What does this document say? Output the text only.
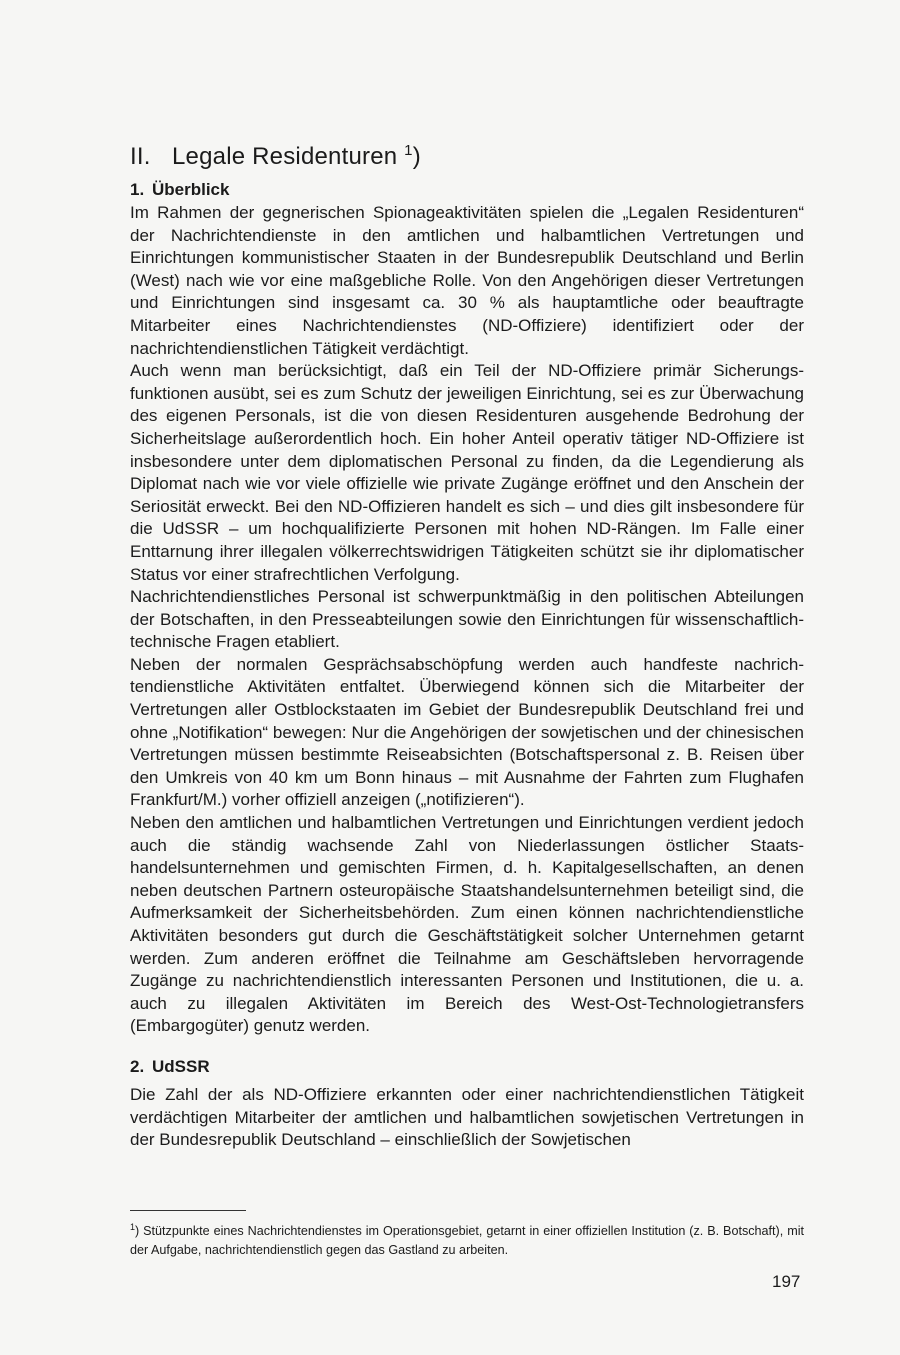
II. Legale Residenturen $^1$)
1. Überblick

Im Rahmen der gegnerischen Spionageaktivitäten spielen die „Legalen Residenturen“ der Nachrichtendienste in den amtlichen und halbamtlichen Vertretungen und Einrichtungen kommunistischer Staaten in der Bundesrepublik Deutschland und Berlin (West) nach wie vor eine maßgebliche Rolle. Von den Angehörigen dieser Vertretungen und Einrichtungen sind insgesamt ca. 30 % als hauptamtliche oder beauftragte Mitarbeiter eines Nachrichtendienstes (ND-Offiziere) identifiziert oder der nachrichtendienstlichen Tätigkeit verdächtigt.

Auch wenn man berücksichtigt, daß ein Teil der ND-Offiziere primär Sicherungsfunktionen ausübt, sei es zum Schutz der jeweiligen Einrichtung, sei es zur Überwachung des eigenen Personals, ist die von diesen Residenturen ausgehende Bedrohung der Sicherheitslage außerordentlich hoch. Ein hoher Anteil operativ tätiger ND-Offiziere ist insbesondere unter dem diplomatischen Personal zu finden, da die Legendierung als Diplomat nach wie vor viele offizielle wie private Zugänge eröffnet und den Anschein der Seriosität erweckt. Bei den ND-Offizieren handelt es sich – und dies gilt insbesondere für die UdSSR – um hochqualifizierte Personen mit hohen ND-Rängen. Im Falle einer Enttarnung ihrer illegalen völkerrechtswidrigen Tätigkeiten schützt sie ihr diplomatischer Status vor einer strafrechtlichen Verfolgung.

Nachrichtendienstliches Personal ist schwerpunktmäßig in den politischen Abteilungen der Botschaften, in den Presseabteilungen sowie den Einrichtungen für wissenschaftlich-technische Fragen etabliert.

Neben der normalen Gesprächsabschöpfung werden auch handfeste nachrichtendienstliche Aktivitäten entfaltet. Überwiegend können sich die Mitarbeiter der Vertretungen aller Ostblockstaaten im Gebiet der Bundesrepublik Deutschland frei und ohne „Notifikation“ bewegen: Nur die Angehörigen der sowjetischen und der chinesischen Vertretungen müssen bestimmte Reiseabsichten (Botschaftspersonal z. B. Reisen über den Umkreis von 40 km um Bonn hinaus – mit Ausnahme der Fahrten zum Flughafen Frankfurt/M.) vorher offiziell anzeigen („notifizieren“).

Neben den amtlichen und halbamtlichen Vertretungen und Einrichtungen verdient jedoch auch die ständig wachsende Zahl von Niederlassungen östlicher Staatshandelsunternehmen und gemischten Firmen, d. h. Kapitalgesellschaften, an denen neben deutschen Partnern osteuropäische Staatshandelsunternehmen beteiligt sind, die Aufmerksamkeit der Sicherheitsbehörden. Zum einen können nachrichtendienstliche Aktivitäten besonders gut durch die Geschäftstätigkeit solcher Unternehmen getarnt werden. Zum anderen eröffnet die Teilnahme am Geschäftsleben hervorragende Zugänge zu nachrichtendienstlich interessanten Personen und Institutionen, die u. a. auch zu illegalen Aktivitäten im Bereich des West-Ost-Technologietransfers (Embargogüter) genutz werden.

2. UdSSR

Die Zahl der als ND-Offiziere erkannten oder einer nachrichtendienstlichen Tätigkeit verdächtigen Mitarbeiter der amtlichen und halbamtlichen sowjetischen Vertretungen in der Bundesrepublik Deutschland – einschließlich der Sowjetischen

$^1$) Stützpunkte eines Nachrichtendienstes im Operationsgebiet, getarnt in einer offiziellen Institution (z. B. Botschaft), mit der Aufgabe, nachrichtendienstlich gegen das Gastland zu arbeiten.
197
